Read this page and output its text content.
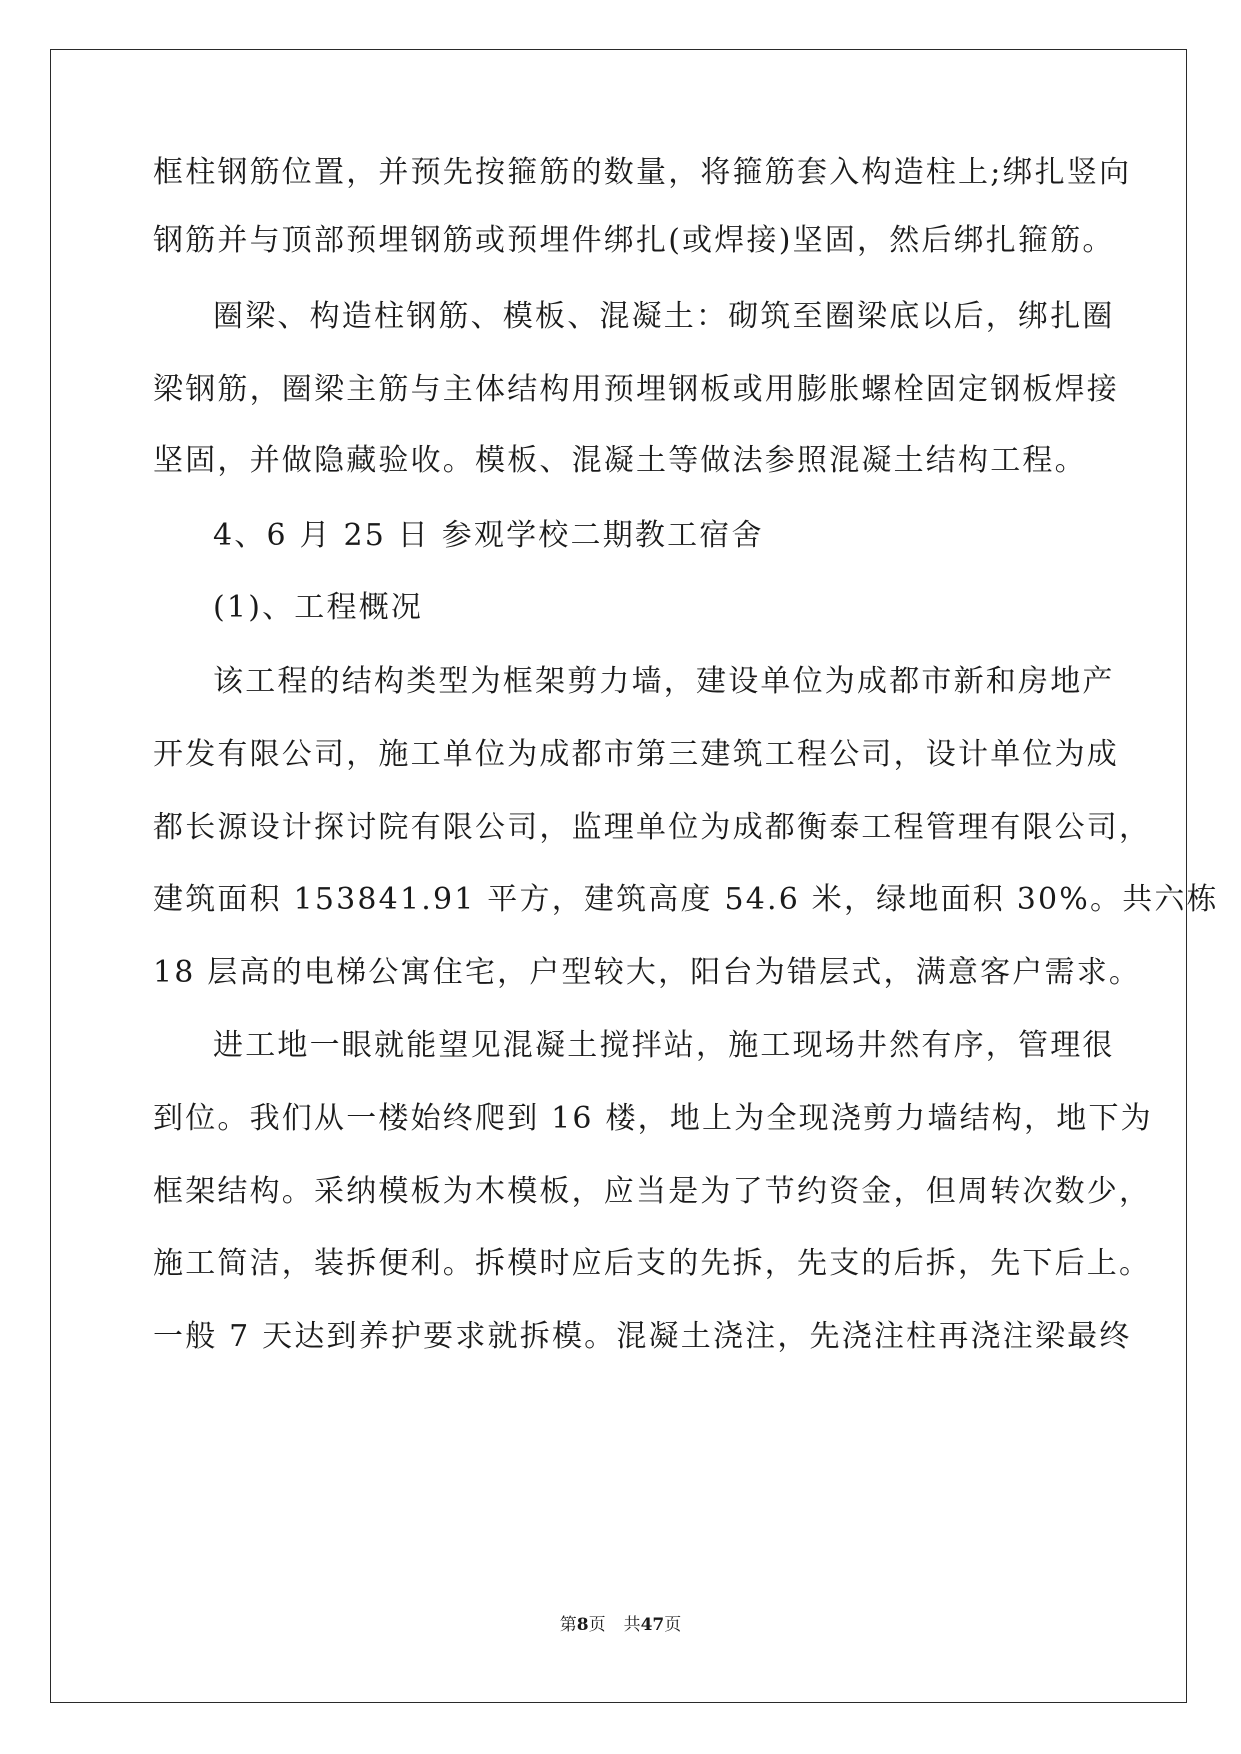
框柱钢筋位置，并预先按箍筋的数量，将箍筋套入构造柱上;绑扎竖向
钢筋并与顶部预埋钢筋或预埋件绑扎(或焊接)坚固，然后绑扎箍筋。
圈梁、构造柱钢筋、模板、混凝土：砌筑至圈梁底以后，绑扎圈
梁钢筋，圈梁主筋与主体结构用预埋钢板或用膨胀螺栓固定钢板焊接
坚固，并做隐藏验收。模板、混凝土等做法参照混凝土结构工程。
4、6 月 25 日 参观学校二期教工宿舍
(1)、工程概况
该工程的结构类型为框架剪力墙，建设单位为成都市新和房地产
开发有限公司，施工单位为成都市第三建筑工程公司，设计单位为成
都长源设计探讨院有限公司，监理单位为成都衡泰工程管理有限公司，
建筑面积 153841.91 平方，建筑高度 54.6 米，绿地面积 30%。共六栋
18 层高的电梯公寓住宅，户型较大，阳台为错层式，满意客户需求。
进工地一眼就能望见混凝土搅拌站，施工现场井然有序，管理很
到位。我们从一楼始终爬到 16 楼，地上为全现浇剪力墙结构，地下为
框架结构。采纳模板为木模板，应当是为了节约资金，但周转次数少，
施工简洁，装拆便利。拆模时应后支的先拆，先支的后拆，先下后上。
一般 7 天达到养护要求就拆模。混凝土浇注，先浇注柱再浇注梁最终
第8页 共47页
